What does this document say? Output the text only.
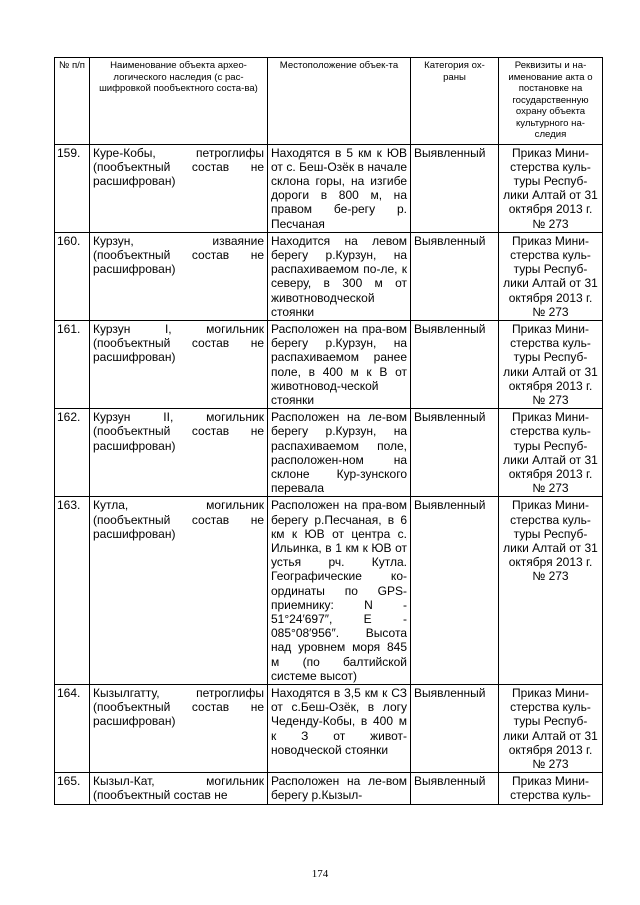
№ п/п	Наименование объекта архео-логического наследия (с рас-шифровкой пообъектного соста-ва)	Местоположение объек-та	Категория ох-раны	Реквизиты и на-именование акта о постановке на государственную охрану объекта культурного на-следия
159.	Куре-Кобы, петроглифы (пообъектный состав не расшифрован)	Находятся в 5 км к ЮВ от с. Беш-Озёк в начале склона горы, на изгибе дороги в 800 м, на правом бе-регу р. Песчаная	Выявленный	Приказ Мини-стерства куль-туры Респуб-лики Алтай от 31 октября 2013 г. № 273
160.	Курзун, изваяние (пообъектный состав не расшифрован)	Находится на левом берегу р.Курзун, на распахиваемом по-ле, к северу, в 300 м от животноводческой стоянки	Выявленный	Приказ Мини-стерства куль-туры Респуб-лики Алтай от 31 октября 2013 г. № 273
161.	Курзун I, могильник (пообъектный состав не расшифрован)	Расположен на пра-вом берегу р.Курзун, на распахиваемом ранее поле, в 400 м к В от животновод-ческой стоянки	Выявленный	Приказ Мини-стерства куль-туры Респуб-лики Алтай от 31 октября 2013 г. № 273
162.	Курзун II, могильник (пообъектный состав не расшифрован)	Расположен на ле-вом берегу р.Курзун, на распахиваемом поле, расположен-ном на склоне Кур-зунского перевала	Выявленный	Приказ Мини-стерства куль-туры Респуб-лики Алтай от 31 октября 2013 г. № 273
163.	Кутла, могильник (пообъектный состав не расшифрован)	Расположен на пра-вом берегу р.Песчаная, в 6 км к ЮВ от центра с. Ильинка, в 1 км к ЮВ от устья рч. Кутла. Географические ко-ординаты по GPS-приемнику: N - 51°24′697″, E - 085°08′956″. Высота над уровнем моря 845 м (по балтийской системе высот)	Выявленный	Приказ Мини-стерства куль-туры Респуб-лики Алтай от 31 октября 2013 г. № 273
164.	Кызылгатту, петроглифы (пообъектный состав не расшифрован)	Находятся в 3,5 км к СЗ от с.Беш-Озёк, в логу Чеденду-Кобы, в 400 м к З от живот-новодческой стоянки	Выявленный	Приказ Мини-стерства куль-туры Респуб-лики Алтай от 31 октября 2013 г. № 273
165.	Кызыл-Кат, могильник (пообъектный состав не	Расположен на ле-вом берегу р.Кызыл-	Выявленный	Приказ Мини-стерства куль-
174
